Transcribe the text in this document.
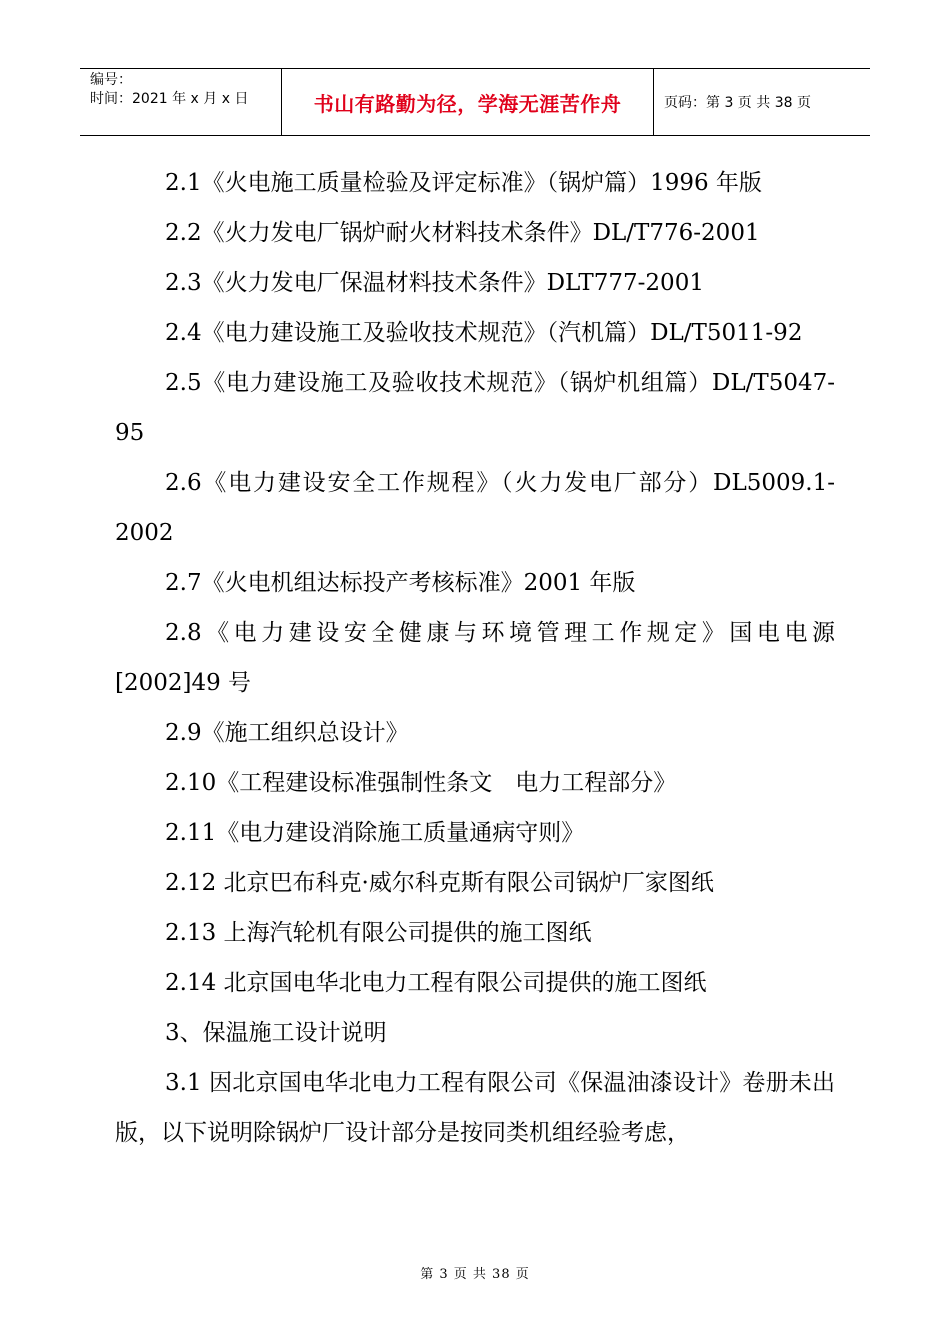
编号：
时间：2021 年 x 月 x 日	书山有路勤为径，学海无涯苦作舟	页码：第 3 页 共 38 页

2.1《火电施工质量检验及评定标准》（锅炉篇）1996 年版

2.2《火力发电厂锅炉耐火材料技术条件》DL/T776-2001

2.3《火力发电厂保温材料技术条件》DLT777-2001

2.4《电力建设施工及验收技术规范》（汽机篇）DL/T5011-92

2.5《电力建设施工及验收技术规范》（锅炉机组篇）DL/T5047-95

2.6《电力建设安全工作规程》（火力发电厂部分）DL5009.1-2002

2.7《火电机组达标投产考核标准》2001 年版

2.8《电力建设安全健康与环境管理工作规定》国电电源[2002]49 号

2.9《施工组织总设计》

2.10《工程建设标准强制性条文　电力工程部分》

2.11《电力建设消除施工质量通病守则》

2.12 北京巴布科克·威尔科克斯有限公司锅炉厂家图纸

2.13 上海汽轮机有限公司提供的施工图纸

2.14 北京国电华北电力工程有限公司提供的施工图纸

3、保温施工设计说明

3.1 因北京国电华北电力工程有限公司《保温油漆设计》卷册未出版，以下说明除锅炉厂设计部分是按同类机组经验考虑，

第 3 页 共 38 页
